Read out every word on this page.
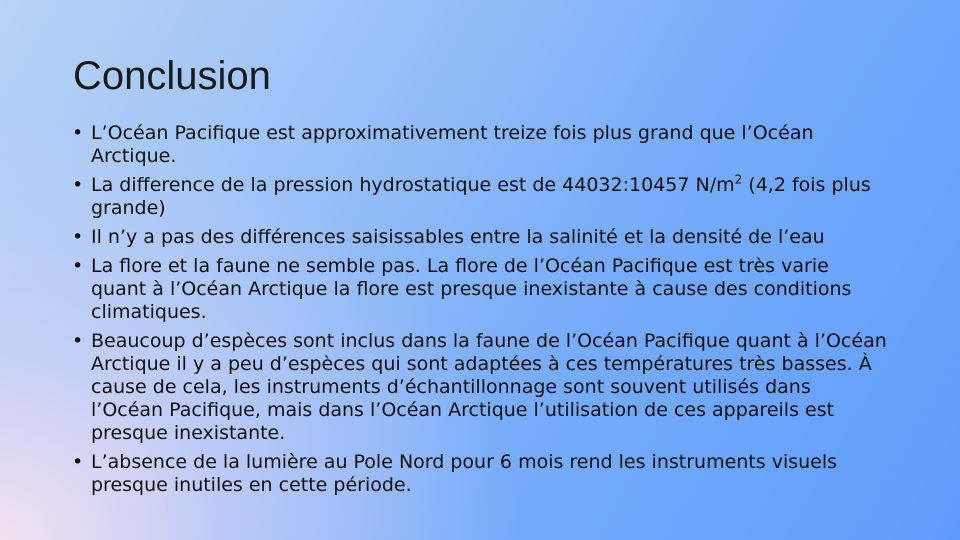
Conclusion
• L’Océan Pacifique est approximativement treize fois plus grand que l’Océan Arctique.
• La difference de la pression hydrostatique est de 44032:10457 $N/m^2$ (4,2 fois plus grande)
• Il n’y a pas des différences saisissables entre la salinité et la densité de l’eau
• La flore et la faune ne semble pas. La flore de l’Océan Pacifique est très varie quant à l’Océan Arctique la flore est presque inexistante à cause des conditions climatiques.
• Beaucoup d’espèces sont inclus dans la faune de l’Océan Pacifique quant à l’Océan Arctique il y a peu d’espèces qui sont adaptées à ces températures très basses. À cause de cela, les instruments d’échantillonnage sont souvent utilisés dans l’Océan Pacifique, mais dans l’Océan Arctique l’utilisation de ces appareils est presque inexistante.
• L’absence de la lumière au Pole Nord pour 6 mois rend les instruments visuels presque inutiles en cette période.
